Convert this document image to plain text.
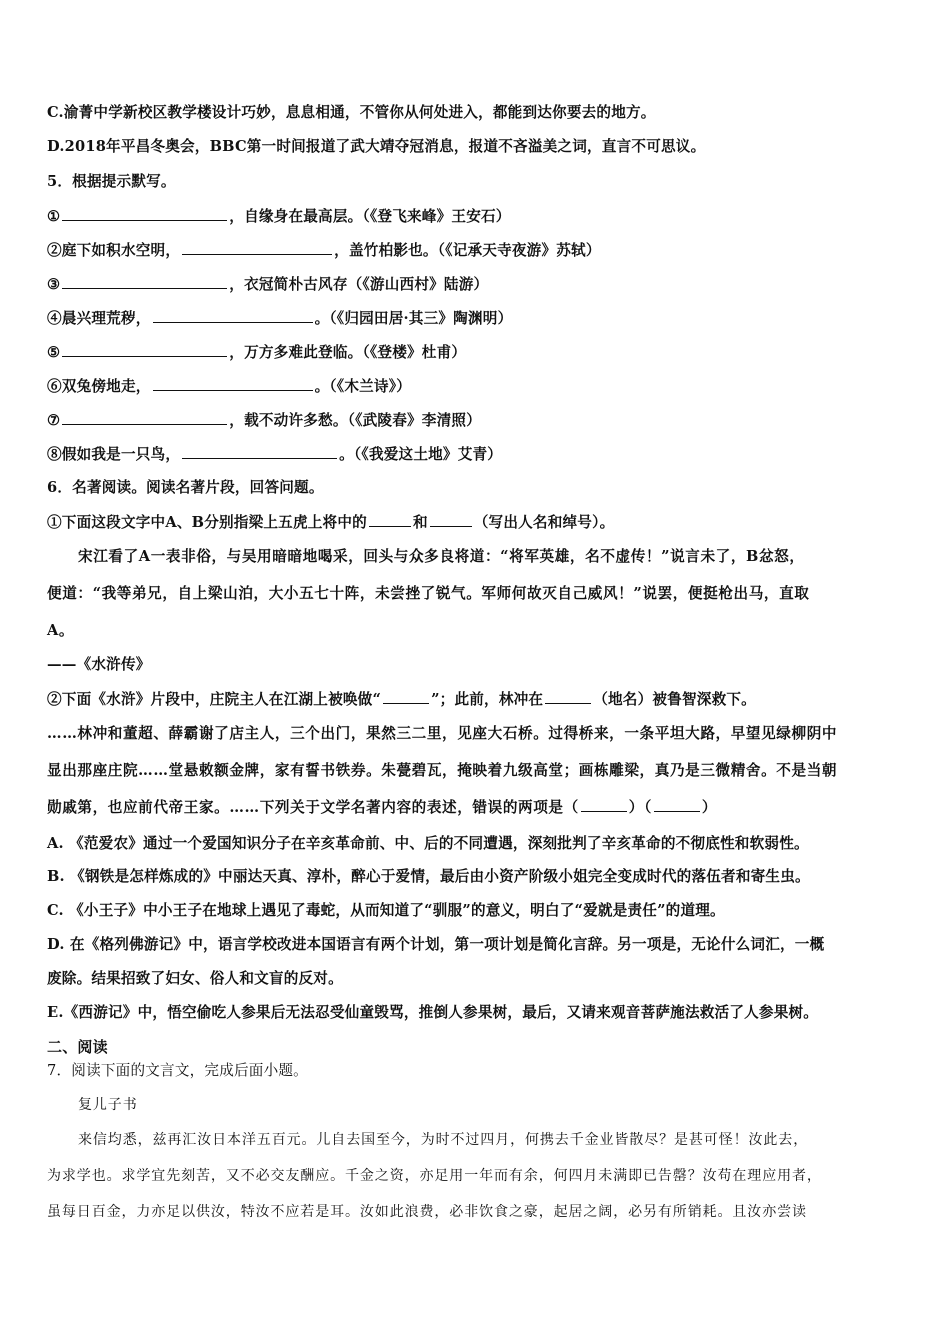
C.渝菁中学新校区教学楼设计巧妙，息息相通，不管你从何处进入，都能到达你要去的地方。
D.2018年平昌冬奥会，BBC第一时间报道了武大靖夺冠消息，报道不吝溢美之词，直言不可思议。
5．根据提示默写。
①	，自缘身在最高层。（《登飞来峰》王安石）
②庭下如积水空明，	，盖竹柏影也。（《记承天寺夜游》苏轼）
③	，衣冠简朴古风存（《游山西村》陆游）
④晨兴理荒秽，	。（《归园田居·其三》陶渊明）
⑤	，万方多难此登临。（《登楼》杜甫）
⑥双兔傍地走，	。（《木兰诗》）
⑦	，载不动许多愁。（《武陵春》李清照）
⑧假如我是一只鸟，	。（《我爱这土地》艾青）
6．名著阅读。阅读名著片段，回答问题。
①下面这段文字中A、B分别指梁上五虎上将中的	和	（写出人名和绰号）。
宋江看了A一表非俗，与吴用暗暗地喝采，回头与众多良将道：“将军英雄，名不虚传！”说言未了，B忿怒，
便道：“我等弟兄，自上梁山泊，大小五七十阵，未尝挫了锐气。军师何故灭自己威风！”说罢，便挺枪出马，直取
A。
——《水浒传》
②下面《水浒》片段中，庄院主人在江湖上被唤做“	”；此前，林冲在	（地名）被鲁智深救下。
……林冲和董超、薛霸谢了店主人，三个出门，果然三二里，见座大石桥。过得桥来，一条平坦大路，早望见绿柳阴中
显出那座庄院……堂悬敕额金牌，家有誓书铁券。朱甍碧瓦，掩映着九级高堂；画栋雕梁，真乃是三微精舍。不是当朝
勋戚第，也应前代帝王家。……下列关于文学名著内容的表述，错误的两项是（	）（	）
A. 《范爱农》通过一个爱国知识分子在辛亥革命前、中、后的不同遭遇，深刻批判了辛亥革命的不彻底性和软弱性。
B. 《钢铁是怎样炼成的》中丽达天真、淳朴，醉心于爱情，最后由小资产阶级小姐完全变成时代的落伍者和寄生虫。
C. 《小王子》中小王子在地球上遇见了毒蛇，从而知道了“驯服”的意义，明白了“爱就是责任”的道理。
D. 在《格列佛游记》中，语言学校改进本国语言有两个计划，第一项计划是简化言辞。另一项是，无论什么词汇，一概
废除。结果招致了妇女、俗人和文盲的反对。
E.《西游记》中，悟空偷吃人参果后无法忍受仙童毁骂，推倒人参果树，最后，又请来观音菩萨施法救活了人参果树。
二、阅读
7．阅读下面的文言文，完成后面小题。
复儿子书
来信均悉，兹再汇汝日本洋五百元。儿自去国至今，为时不过四月，何携去千金业皆散尽？是甚可怪！汝此去，
为求学也。求学宜先刻苦，又不必交友酬应。千金之资，亦足用一年而有余，何四月未满即已告罄？汝苟在理应用者，
虽每日百金，力亦足以供汝，特汝不应若是耳。汝如此浪费，必非饮食之豪，起居之阔，必另有所销耗。且汝亦尝读
